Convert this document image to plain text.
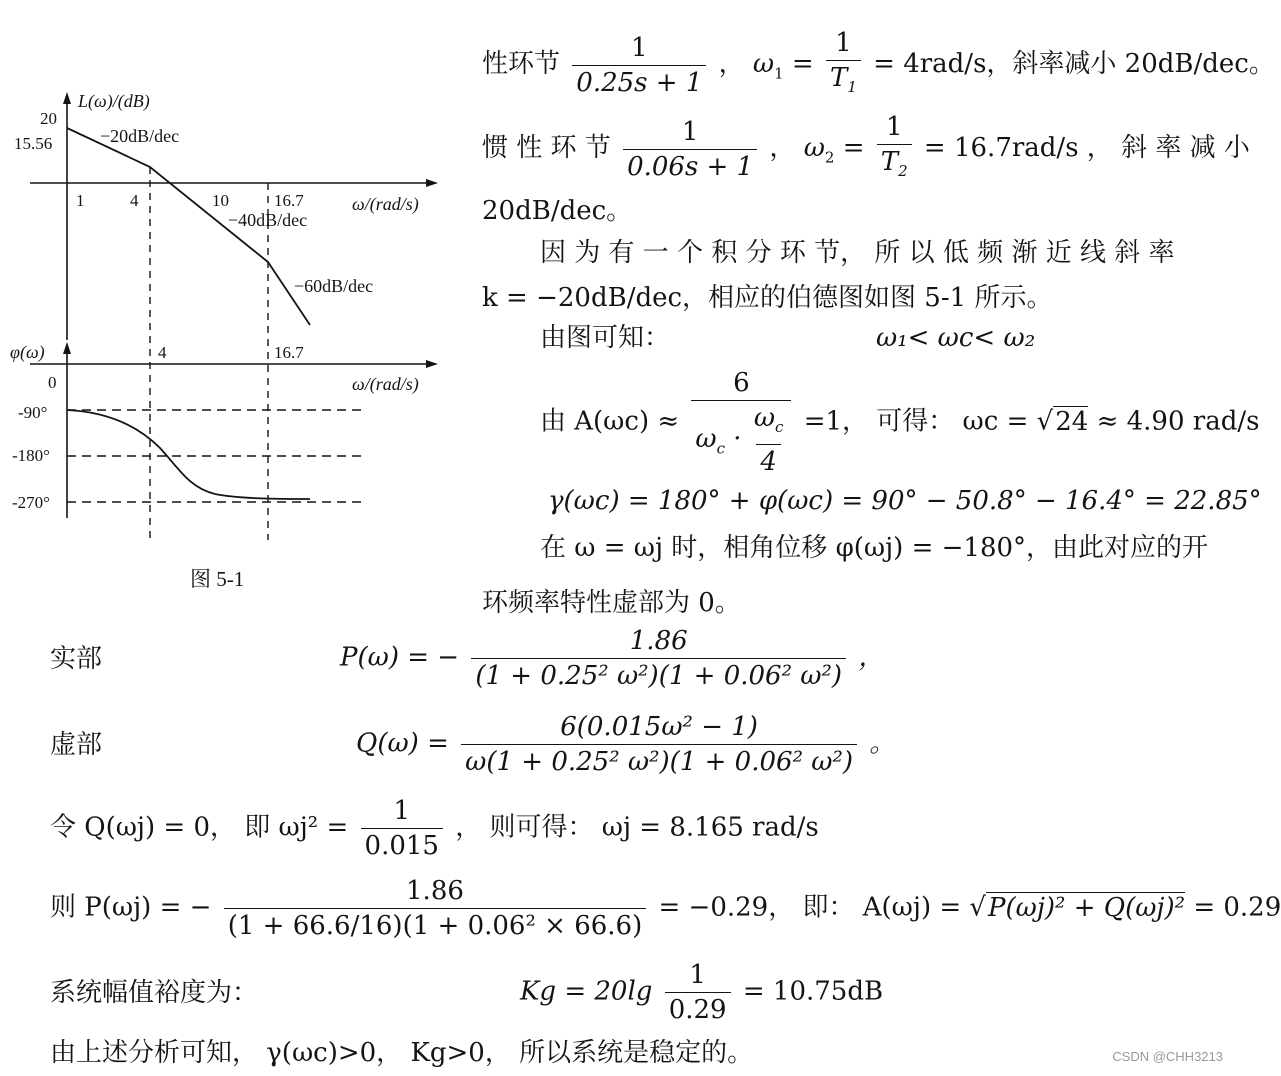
L(ω)/(dB)
20
15.56	−20dB/dec
1	4	10	16.7
−40dB/dec
ω/(rad/s)
−60dB/dec
φ(ω)	4	16.7
0	ω/(rad/s)
-90°
-180°
-270°
图 5-1
性环节 $\frac{1}{0.25s + 1}$ ， $\omega_1 = \frac{1}{T_1} = 4rad/s$，斜率减小 20dB/dec。
惯 性 环 节 $\frac{1}{0.06s + 1}$ ， $\omega_2 = \frac{1}{T_2} = 16.7rad/s$ ， 斜 率 减 小
20dB/dec。
因 为 有 一 个 积 分 环 节， 所 以 低 频 渐 近 线 斜 率
k = −20dB/dec，相应的伯德图如图 5-1 所示。
由图可知：	ω₁< ωc< ω₂
由 $A(\omega c) \approx \frac{6}{\omega_c \cdot \frac{\omega_c}{4}} =1$， 可得： ωc = √24 ≈ 4.90 rad/s
γ(ωc) = 180° + φ(ωc) = 90° − 50.8° − 16.4° = 22.85°
在 ω = ωj 时，相角位移 φ(ωj) = −180°，由此对应的开
环频率特性虚部为 0。
实部	P(ω) = − $\frac{1.86}{\text{(1 + 0.25² ω²)(1 + 0.06² ω²)}}$ ，
虚部	$Q(\omega) = \frac{\text{6(0.015ω² − 1)}}{\text{ω(1 + 0.25² ω²)(1 + 0.06² ω²)}}$ 。
令 Q(ωj) = 0， 即 $\omega j^2 = \frac{1}{0.015}$ ， 则可得： ωj = 8.165 rad/s
则 P(ωj) = − $\frac{1.86}{\text{(1 + 66.6/16)(1 + 0.06² × 66.6)}} = -0.29$， 即： A(ωj) = √P(ωj)² + Q(ωj)² = 0.29
系统幅值裕度为：	$Kg = 20\lg \frac{1}{0.29} = 10.75dB$
由上述分析可知， γ(ωc)>0， Kg>0， 所以系统是稳定的。	CSDN @CHH3213
